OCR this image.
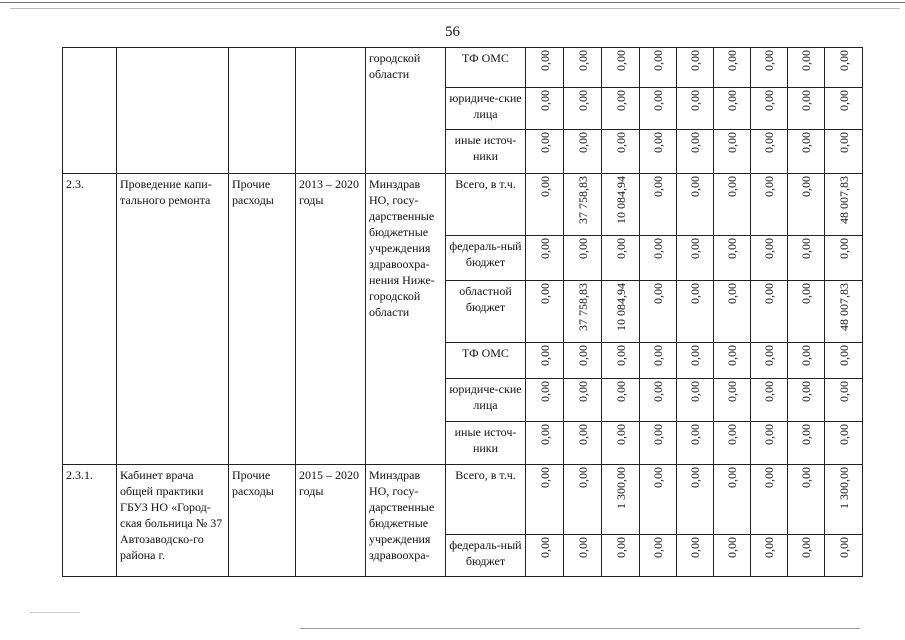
56
				городской области	ТФ ОМС	0,00	0,00	0,00	0,00	0,00	0,00	0,00	0,00	0,00

					юридиче-ские лица	0,00	0,00	0,00	0,00	0,00	0,00	0,00	0,00	0,00

					иные источ-ники	0,00	0,00	0,00	0,00	0,00	0,00	0,00	0,00	0,00

2.3.	Проведение капи-тального ремонта	Прочие расходы	2013 – 2020 годы	Минздрав НО, госу-дарственные бюджетные учреждения здравоохра-нения Ниже-городской области	Всего, в т.ч.	0,00	37 758,83	10 084,94	0,00	0,00	0,00	0,00	0,00	48 007,83

					федераль-ный бюджет	0,00	0,00	0,00	0,00	0,00	0,00	0,00	0,00	0,00

					областной бюджет	0,00	37 758,83	10 084,94	0,00	0,00	0,00	0,00	0,00	48 007,83

					ТФ ОМС	0,00	0,00	0,00	0,00	0,00	0,00	0,00	0,00	0,00

					юридиче-ские лица	0,00	0,00	0,00	0,00	0,00	0,00	0,00	0,00	0,00

					иные источ-ники	0,00	0,00	0,00	0,00	0,00	0,00	0,00	0,00	0,00

2.3.1.	Кабинет врача общей практики ГБУЗ НО «Город-ская больница № 37 Автозаводско-го района г.	Прочие расходы	2015 – 2020 годы	Минздрав НО, госу-дарственные бюджетные учреждения здравоохра-	Всего, в т.ч.	0,00	0,00	1 300,00	0,00	0,00	0,00	0,00	0,00	1 300,00

					федераль-ный бюджет	0,00	0,00	0,00	0,00	0,00	0,00	0,00	0,00	0,00
